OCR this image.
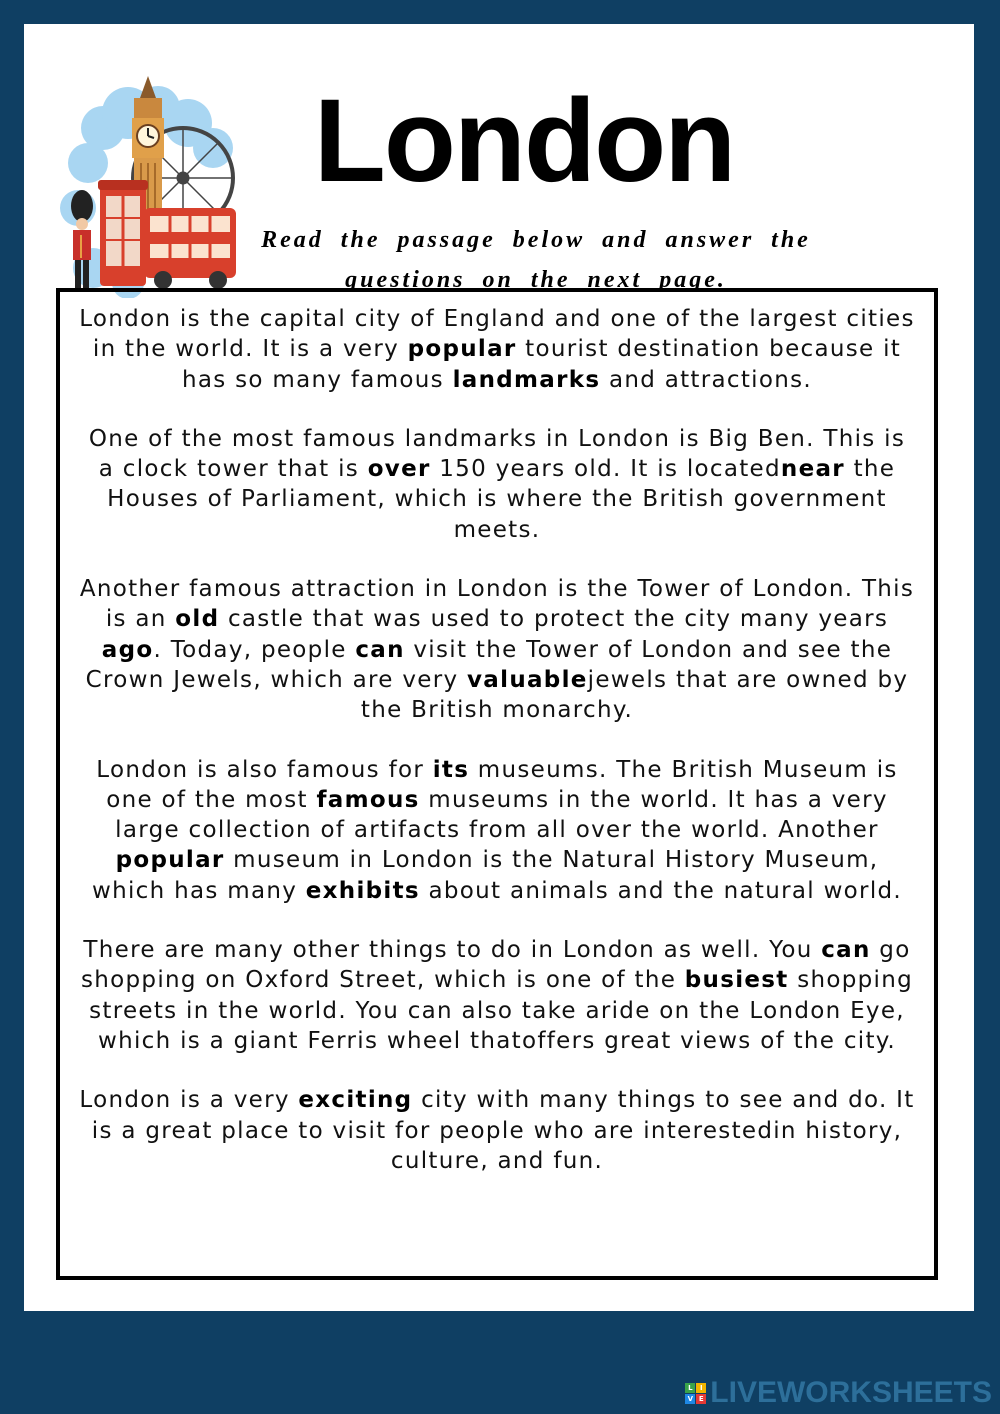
London
Read the passage below and answer the
questions on the next page.

London is the capital city of England and one of the largest cities in the world. It is a very popular tourist destination because it has so many famous landmarks and attractions.

One of the most famous landmarks in London is Big Ben. This is a clock tower that is over 150 years old. It is locatednear the Houses of Parliament, which is where the British government meets.

Another famous attraction in London is the Tower of London. This is an old castle that was used to protect the city many years ago. Today, people can visit the Tower of London and see the Crown Jewels, which are very valuablejewels that are owned by the British monarchy.

London is also famous for its museums. The British Museum is one of the most famous museums in the world. It has a very large collection of artifacts from all over the world. Another popular museum in London is the Natural History Museum, which has many exhibits about animals and the natural world.

There are many other things to do in London as well. You can go shopping on Oxford Street, which is one of the busiest shopping streets in the world. You can also take aride on the London Eye, which is a giant Ferris wheel thatoffers great views of the city.

London is a very exciting city with many things to see and do. It is a great place to visit for people who are interestedin history, culture, and fun.

L	I
V E LIVEWORKSHEETS
